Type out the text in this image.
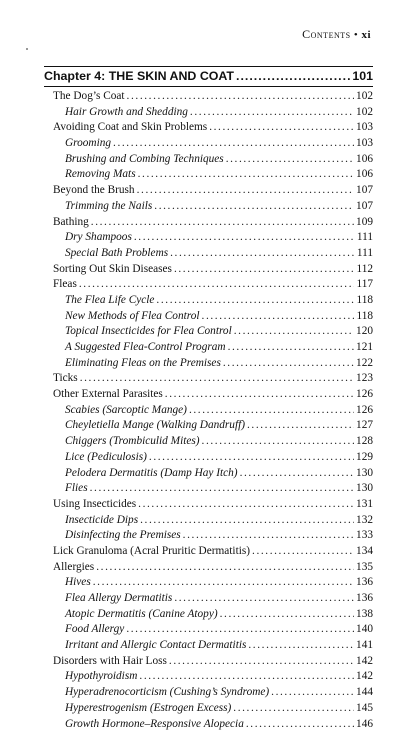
Contents • xi
Chapter 4: THE SKIN AND COAT .....	101
The Dog’s Coat .....	102
Hair Growth and Shedding .....	102
Avoiding Coat and Skin Problems .....	103
Grooming .....	103
Brushing and Combing Techniques .....	106
Removing Mats .....	106
Beyond the Brush .....	107
Trimming the Nails .....	107
Bathing .....	109
Dry Shampoos .....	111
Special Bath Problems .....	111
Sorting Out Skin Diseases .....	112
Fleas .....	117
The Flea Life Cycle .....	118
New Methods of Flea Control .....	118
Topical Insecticides for Flea Control .....	120
A Suggested Flea-Control Program .....	121
Eliminating Fleas on the Premises .....	122
Ticks .....	123
Other External Parasites .....	126
Scabies (Sarcoptic Mange) .....	126
Cheyletiella Mange (Walking Dandruff) .....	127
Chiggers (Trombiculid Mites) .....	128
Lice (Pediculosis) .....	129
Pelodera Dermatitis (Damp Hay Itch) .....	130
Flies .....	130
Using Insecticides .....	131
Insecticide Dips .....	132
Disinfecting the Premises .....	133
Lick Granuloma (Acral Pruritic Dermatitis) .....	134
Allergies .....	135
Hives .....	136
Flea Allergy Dermatitis .....	136
Atopic Dermatitis (Canine Atopy) .....	138
Food Allergy .....	140
Irritant and Allergic Contact Dermatitis .....	141
Disorders with Hair Loss .....	142
Hypothyroidism .....	142
Hyperadrenocorticism (Cushing’s Syndrome) .....	144
Hyperestrogenism (Estrogen Excess) .....	145
Growth Hormone–Responsive Alopecia .....	146
